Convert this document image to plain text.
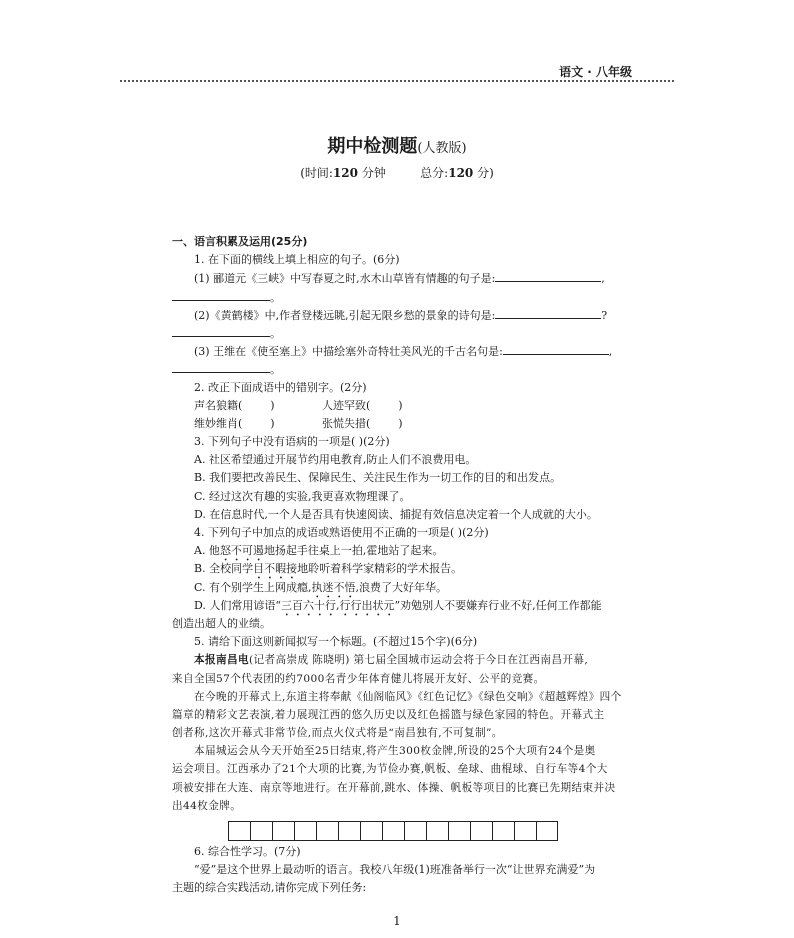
语文 · 八年级
期中检测题(人教版)
(时间:120 分钟	总分:120 分)
一、语言积累及运用(25分)
1. 在下面的横线上填上相应的句子。(6分)
(1) 郦道元《三峡》中写春夏之时,水木山草皆有情趣的句子是:	,
。
(2)《黄鹤楼》中,作者登楼远眺,引起无限乡愁的景象的诗句是:	?
。
(3) 王维在《使至塞上》中描绘塞外奇特壮美风光的千古名句是:	,
。
2. 改正下面成语中的错别字。(2分)
声名狼籍(	)	人迹罕致(	)
维妙维肖(	)	张慌失措(	)
3. 下列句子中没有语病的一项是( )(2分)
A. 社区希望通过开展节约用电教育,防止人们不浪费用电。
B. 我们要把改善民生、保障民生、关注民生作为一切工作的目的和出发点。
C. 经过这次有趣的实验,我更喜欢物理课了。
D. 在信息时代,一个人是否具有快速阅读、捕捉有效信息决定着一个人成就的大小。
4. 下列句子中加点的成语或熟语使用不正确的一项是( )(2分)
A. 他怒不可遏地扬起手往桌上一拍,霍地站了起来。
B. 全校同学目不暇接地聆听着科学家精彩的学术报告。
C. 有个别学生上网成瘾,执迷不悟,浪费了大好年华。
D. 人们常用谚语“三百六十行,行行出状元”劝勉别人不要嫌弃行业不好,任何工作都能
创造出超人的业绩。
5. 请给下面这则新闻拟写一个标题。(不超过15个字)(6分)
本报南昌电(记者高崇成 陈晓明) 第七届全国城市运动会将于今日在江西南昌开幕,
来自全国57个代表团的约7000名青少年体育健儿将展开友好、公平的竞赛。
在今晚的开幕式上,东道主将奉献《仙阁临风》《红色记忆》《绿色交响》《超越辉煌》四个
篇章的精彩文艺表演,着力展现江西的悠久历史以及红色摇篮与绿色家园的特色。开幕式主
创者称,这次开幕式非常节俭,而点火仪式将是“南昌独有,不可复制”。
本届城运会从今天开始至25日结束,将产生300枚金牌,所设的25个大项有24个是奥
运会项目。江西承办了21个大项的比赛,为节俭办赛,帆板、垒球、曲棍球、自行车等4个大
项被安排在大连、南京等地进行。在开幕前,跳水、体操、帆板等项目的比赛已先期结束并决
出44枚金牌。
6. 综合性学习。(7分)
“爱”是这个世界上最动听的语言。我校八年级(1)班准备举行一次“让世界充满爱”为
主题的综合实践活动,请你完成下列任务:
1
